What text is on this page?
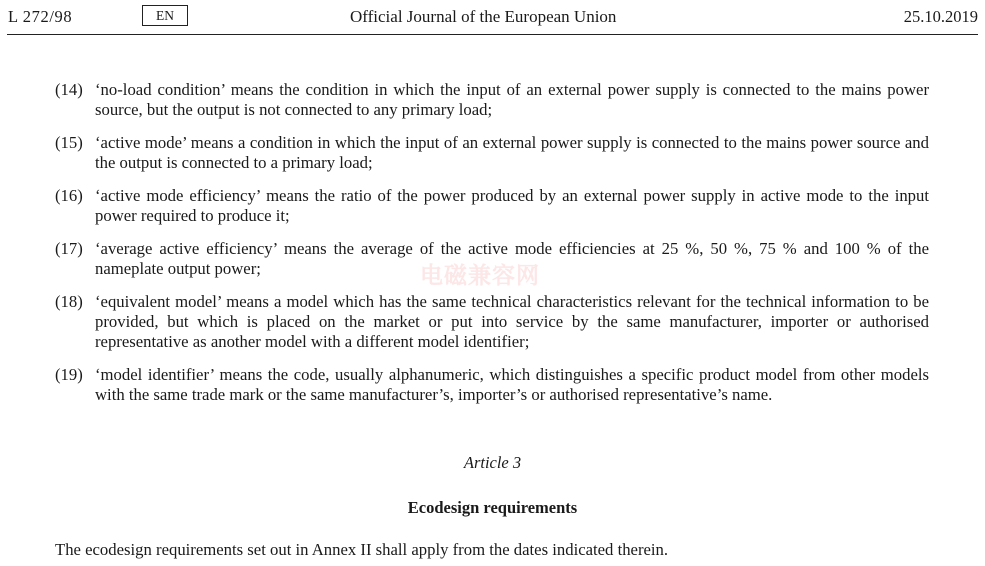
L 272/98	EN	Official Journal of the European Union	25.10.2019
(14) ‘no-load condition’ means the condition in which the input of an external power supply is connected to the mains power source, but the output is not connected to any primary load;
(15) ‘active mode’ means a condition in which the input of an external power supply is connected to the mains power source and the output is connected to a primary load;
(16) ‘active mode efficiency’ means the ratio of the power produced by an external power supply in active mode to the input power required to produce it;
(17) ‘average active efficiency’ means the average of the active mode efficiencies at 25 %, 50 %, 75 % and 100 % of the nameplate output power;
(18) ‘equivalent model’ means a model which has the same technical characteristics relevant for the technical information to be provided, but which is placed on the market or put into service by the same manufacturer, importer or authorised representative as another model with a different model identifier;
(19) ‘model identifier’ means the code, usually alphanumeric, which distinguishes a specific product model from other models with the same trade mark or the same manufacturer’s, importer’s or authorised representative’s name.
电磁兼容网
Article 3
Ecodesign requirements
The ecodesign requirements set out in Annex II shall apply from the dates indicated therein.
